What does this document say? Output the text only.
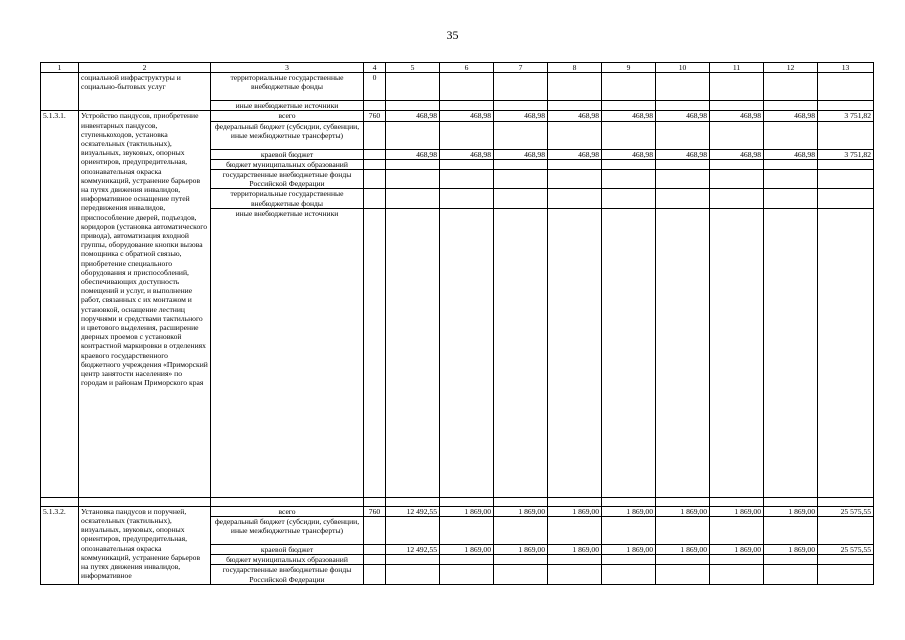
35
1	2	3	4	5	6	7	8	9	10	11	12	13
	социальной инфраструктуры и социально-бытовых услуг	территориальные государственные внебюджетные фонды	0									
		иные внебюджетные источники										
5.1.3.1.	Устройство пандусов, приобретение инвентарных пандусов, ступенькоходов, установка осязательных (тактильных), визуальных, звуковых, опорных ориентиров, предупредительная, опознавательная окраска коммуникаций, устранение барьеров на путях движения инвалидов, информативное оснащение путей передвижения инвалидов, приспособление дверей, подъездов, коридоров (установка автоматического привода), автоматизация входной группы, оборудование кнопки вызова помощника с обратной связью, приобретение специального оборудования и приспособлений, обеспечивающих доступность помещений и услуг, и выполнение работ, связанных с их монтажом и установкой, оснащение лестниц поручнями и средствами тактильного и цветового выделения, расширение дверных проемов с установкой контрастной маркировки в отделениях краевого государственного бюджетного учреждения «Приморский центр занятости населения» по городам и районам Приморского края	всего	760	468,98	468,98	468,98	468,98	468,98	468,98	468,98	468,98	3 751,82
		федеральный бюджет (субсидии, субвенции, иные межбюджетные трансферты)										
		краевой бюджет		468,98	468,98	468,98	468,98	468,98	468,98	468,98	468,98	3 751,82
		бюджет муниципальных образований										
		государственные внебюджетные фонды Российской Федерации										
		территориальные государственные внебюджетные фонды										
		иные внебюджетные источники										

5.1.3.2.	Установка пандусов и поручней, осязательных (тактильных), визуальных, звуковых, опорных ориентиров, предупредительная, опознавательная окраска коммуникаций, устранение барьеров на путях движения инвалидов, информативное	всего	760	12 492,55	1 869,00	1 869,00	1 869,00	1 869,00	1 869,00	1 869,00	1 869,00	25 575,55
		федеральный бюджет (субсидии, субвенции, иные межбюджетные трансферты)										
		краевой бюджет		12 492,55	1 869,00	1 869,00	1 869,00	1 869,00	1 869,00	1 869,00	1 869,00	25 575,55
		бюджет муниципальных образований										
		государственные внебюджетные фонды Российской Федерации										
